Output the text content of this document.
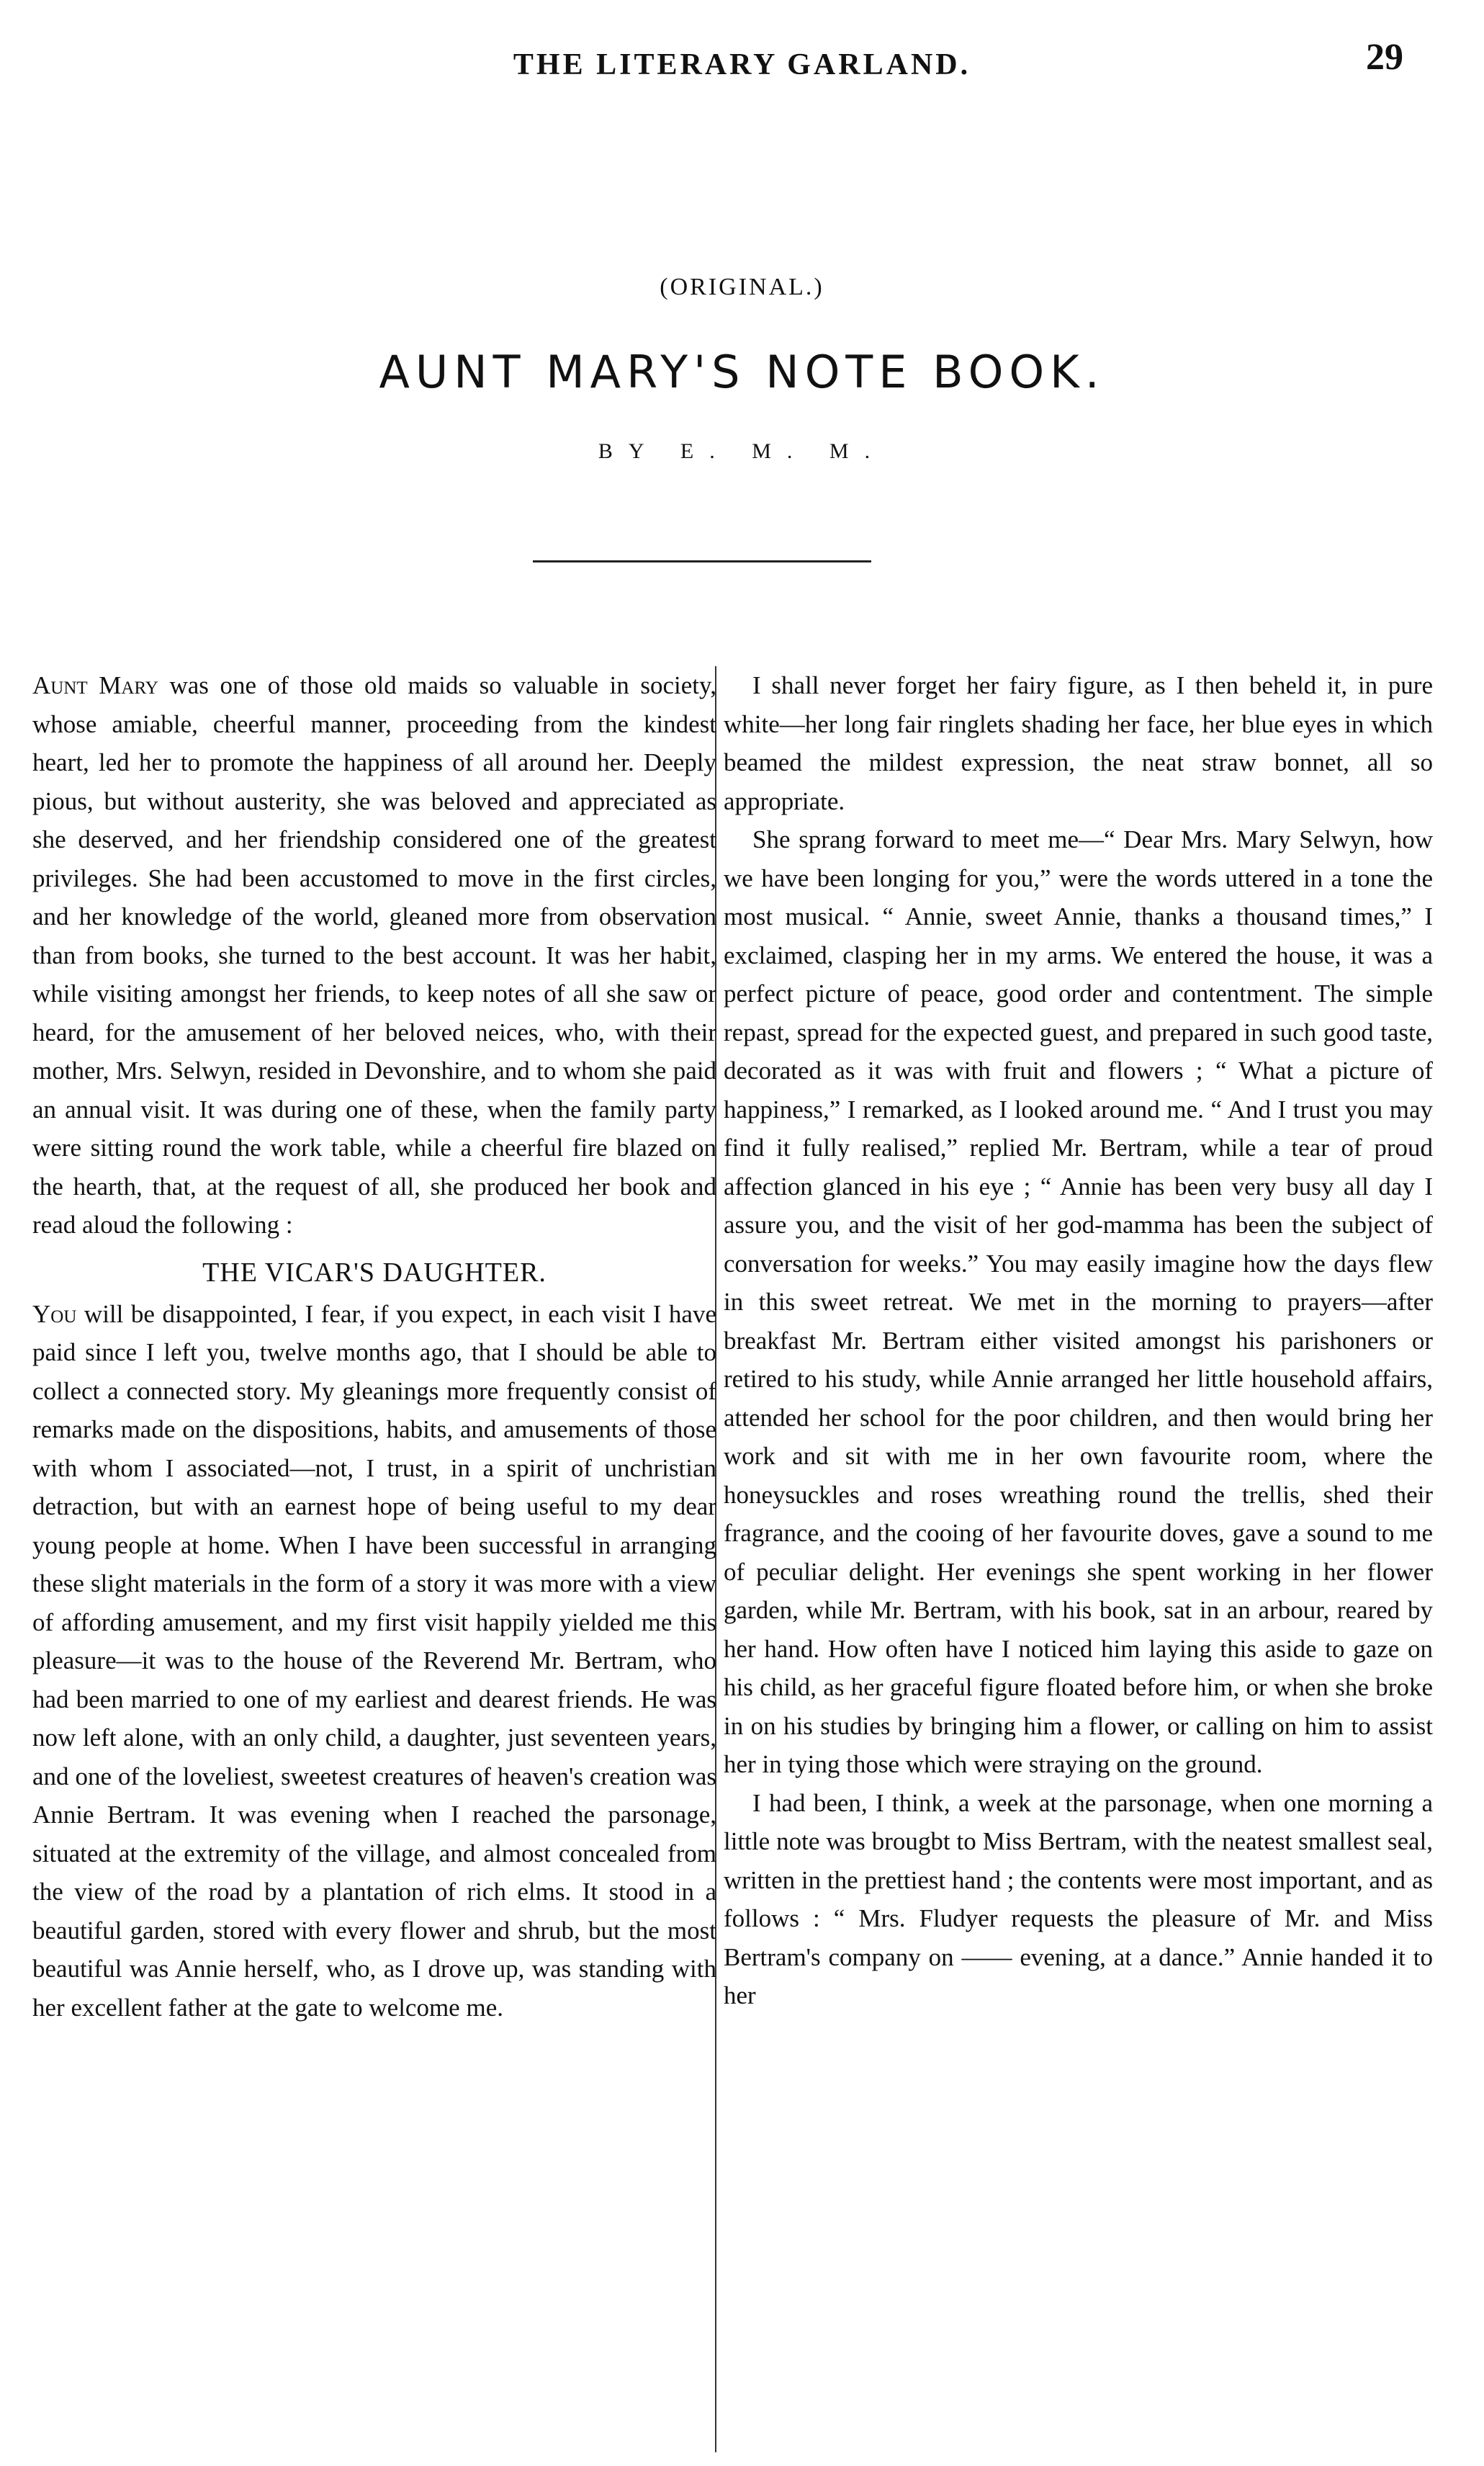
THE LITERARY GARLAND.	29
(ORIGINAL.)
AUNT MARY'S NOTE BOOK.
BY E. M. M.

Aunt Mary was one of those old maids so valuable in society, whose amiable, cheerful manner, proceeding from the kindest heart, led her to promote the happiness of all around her. Deeply pious, but without austerity, she was beloved and appreciated as she deserved, and her friendship considered one of the greatest privileges. She had been accustomed to move in the first circles, and her knowledge of the world, gleaned more from observation than from books, she turned to the best account. It was her habit, while visiting amongst her friends, to keep notes of all she saw or heard, for the amusement of her beloved neices, who, with their mother, Mrs. Selwyn, resided in Devonshire, and to whom she paid an annual visit. It was during one of these, when the family party were sitting round the work table, while a cheerful fire blazed on the hearth, that, at the request of all, she produced her book and read aloud the following :

THE VICAR'S DAUGHTER.

You will be disappointed, I fear, if you expect, in each visit I have paid since I left you, twelve months ago, that I should be able to collect a connected story. My gleanings more frequently consist of remarks made on the dispositions, habits, and amusements of those with whom I associated—not, I trust, in a spirit of unchristian detraction, but with an earnest hope of being useful to my dear young people at home. When I have been successful in arranging these slight materials in the form of a story it was more with a view of affording amusement, and my first visit happily yielded me this pleasure—it was to the house of the Reverend Mr. Bertram, who had been married to one of my earliest and dearest friends. He was now left alone, with an only child, a daughter, just seventeen years, and one of the loveliest, sweetest creatures of heaven's creation was Annie Bertram. It was evening when I reached the parsonage, situated at the extremity of the village, and almost concealed from the view of the road by a plantation of rich elms. It stood in a beautiful garden, stored with every flower and shrub, but the most beautiful was Annie herself, who, as I drove up, was standing with her excellent father at the gate to welcome me.

I shall never forget her fairy figure, as I then beheld it, in pure white—her long fair ringlets shading her face, her blue eyes in which beamed the mildest expression, the neat straw bonnet, all so appropriate.

She sprang forward to meet me—“ Dear Mrs. Mary Selwyn, how we have been longing for you,” were the words uttered in a tone the most musical. “ Annie, sweet Annie, thanks a thousand times,” I exclaimed, clasping her in my arms. We entered the house, it was a perfect picture of peace, good order and contentment. The simple repast, spread for the expected guest, and prepared in such good taste, decorated as it was with fruit and flowers ; “ What a picture of happiness,” I remarked, as I looked around me. “ And I trust you may find it fully realised,” replied Mr. Bertram, while a tear of proud affection glanced in his eye ; “ Annie has been very busy all day I assure you, and the visit of her god-mamma has been the subject of conversation for weeks.” You may easily imagine how the days flew in this sweet retreat. We met in the morning to prayers—after breakfast Mr. Bertram either visited amongst his parishoners or retired to his study, while Annie arranged her little household affairs, attended her school for the poor children, and then would bring her work and sit with me in her own favourite room, where the honeysuckles and roses wreathing round the trellis, shed their fragrance, and the cooing of her favourite doves, gave a sound to me of peculiar delight. Her evenings she spent working in her flower garden, while Mr. Bertram, with his book, sat in an arbour, reared by her hand. How often have I noticed him laying this aside to gaze on his child, as her graceful figure floated before him, or when she broke in on his studies by bringing him a flower, or calling on him to assist her in tying those which were straying on the ground.

I had been, I think, a week at the parsonage, when one morning a little note was brougbt to Miss Bertram, with the neatest smallest seal, written in the prettiest hand ; the contents were most important, and as follows : “ Mrs. Fludyer requests the pleasure of Mr. and Miss Bertram's company on —— evening, at a dance.” Annie handed it to her
